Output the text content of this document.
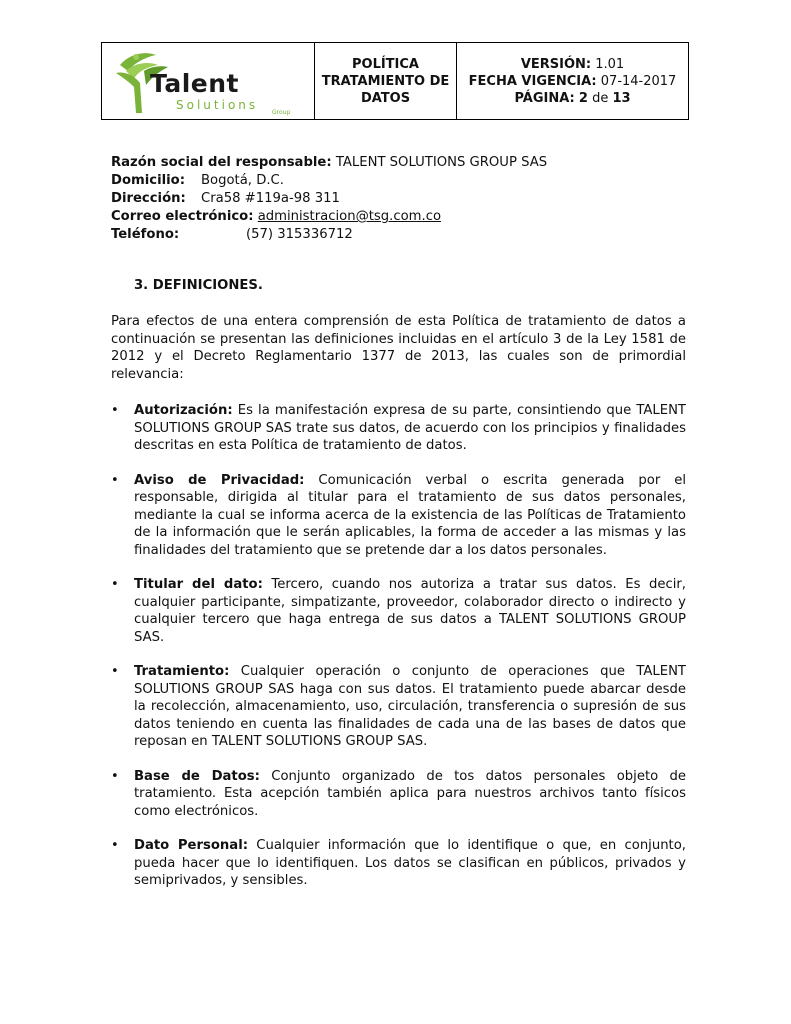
Talent
Solutions
Group
POLÍTICA
TRATAMIENTO DE
DATOS
VERSIÓN: 1.01
FECHA VIGENCIA: 07-14-2017
PÁGINA: 2 de 13
Razón social del responsable: TALENT SOLUTIONS GROUP SAS
Domicilio: Bogotá, D.C.
Dirección: Cra58 #119a-98 311
Correo electrónico: administracion@tsg.com.co
Teléfono:	(57) 315336712
3. DEFINICIONES.
Para efectos de una entera comprensión de esta Política de tratamiento de datos a continuación se presentan las definiciones incluidas en el artículo 3 de la Ley 1581 de 2012 y el Decreto Reglamentario 1377 de 2013, las cuales son de primordial relevancia:
• Autorización: Es la manifestación expresa de su parte, consintiendo que TALENT SOLUTIONS GROUP SAS trate sus datos, de acuerdo con los principios y finalidades descritas en esta Política de tratamiento de datos.
• Aviso de Privacidad: Comunicación verbal o escrita generada por el responsable, dirigida al titular para el tratamiento de sus datos personales, mediante la cual se informa acerca de la existencia de las Políticas de Tratamiento de la información que le serán aplicables, la forma de acceder a las mismas y las finalidades del tratamiento que se pretende dar a los datos personales.
• Titular del dato: Tercero, cuando nos autoriza a tratar sus datos. Es decir, cualquier participante, simpatizante, proveedor, colaborador directo o indirecto y cualquier tercero que haga entrega de sus datos a TALENT SOLUTIONS GROUP SAS.
• Tratamiento: Cualquier operación o conjunto de operaciones que TALENT SOLUTIONS GROUP SAS haga con sus datos. El tratamiento puede abarcar desde la recolección, almacenamiento, uso, circulación, transferencia o supresión de sus datos teniendo en cuenta las finalidades de cada una de las bases de datos que reposan en TALENT SOLUTIONS GROUP SAS.
• Base de Datos: Conjunto organizado de tos datos personales objeto de tratamiento. Esta acepción también aplica para nuestros archivos tanto físicos como electrónicos.
• Dato Personal: Cualquier información que lo identifique o que, en conjunto, pueda hacer que lo identifiquen. Los datos se clasifican en públicos, privados y semiprivados, y sensibles.
